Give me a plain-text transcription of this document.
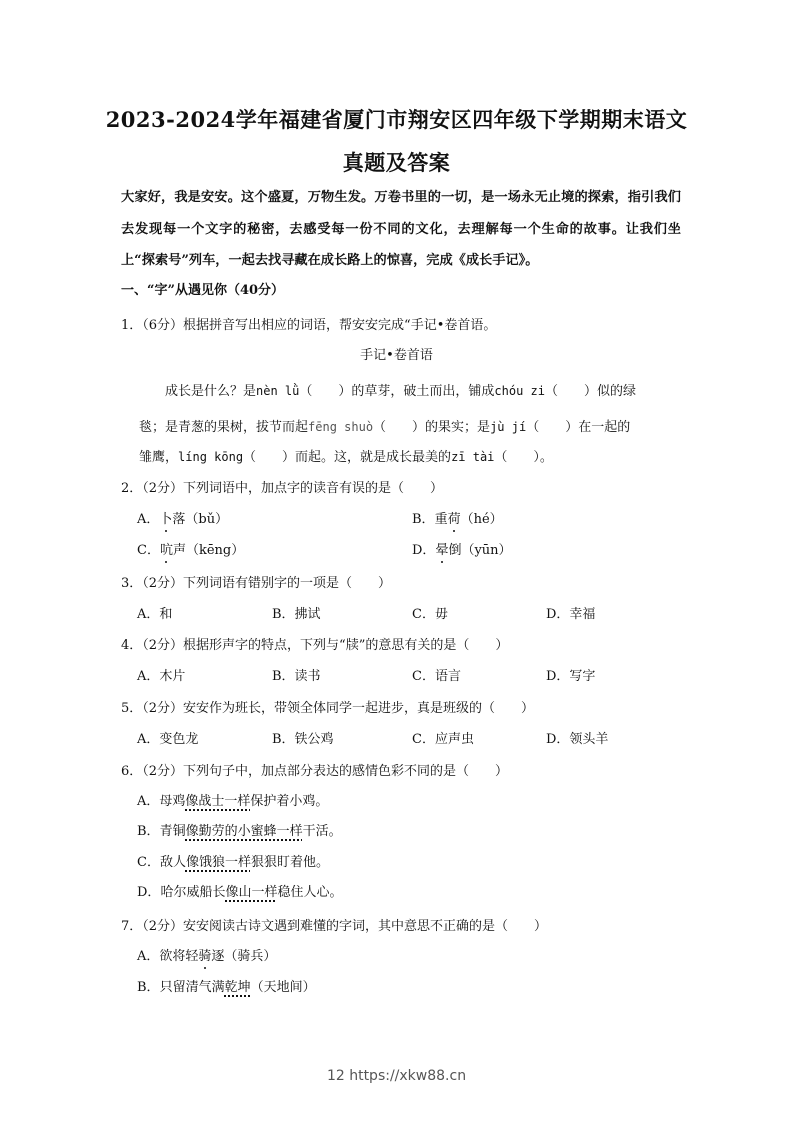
2023-2024学年福建省厦门市翔安区四年级下学期期末语文
真题及答案
大家好，我是安安。这个盛夏，万物生发。万卷书里的一切，是一场永无止境的探索，指引我们去发现每一个文字的秘密，去感受每一份不同的文化，去理解每一个生命的故事。让我们坐上“探索号”列车，一起去找寻藏在成长路上的惊喜，完成《成长手记》。
一、“字”从遇见你（40分）
1．（6分）根据拼音写出相应的词语，帮安安完成“手记•卷首语。
手记•卷首语
成长是什么？是nèn lǜ（　　）的草芽，破土而出，铺成chóu zi（　　）似的绿
毯；是青葱的果树，拔节而起fēng shuò（　　）的果实；是jù jí（　　）在一起的
雏鹰，líng kōng（　　）而起。这，就是成长最美的zī tài（　　）。
2．（2分）下列词语中，加点字的读音有误的是（　　）
A．卜落（bǔ）	B．重荷（hé）
C．吭声（kēng）	D．晕倒（yūn）
3．（2分）下列词语有错别字的一项是（　　）
A．和	B．拂试	C．毋	D．幸福
4．（2分）根据形声字的特点，下列与“牍”的意思有关的是（　　）
A．木片	B．读书	C．语言	D．写字
5．（2分）安安作为班长，带领全体同学一起进步，真是班级的（　　）
A．变色龙	B．铁公鸡	C．应声虫	D．领头羊
6．（2分）下列句子中，加点部分表达的感情色彩不同的是（　　）
A．母鸡像战士一样保护着小鸡。
B．青铜像勤劳的小蜜蜂一样干活。
C．敌人像饿狼一样狠狠盯着他。
D．哈尔威船长像山一样稳住人心。
7．（2分）安安阅读古诗文遇到难懂的字词，其中意思不正确的是（　　）
A．欲将轻骑逐（骑兵）
B．只留清气满乾坤（天地间）
12 https://xkw88.cn
